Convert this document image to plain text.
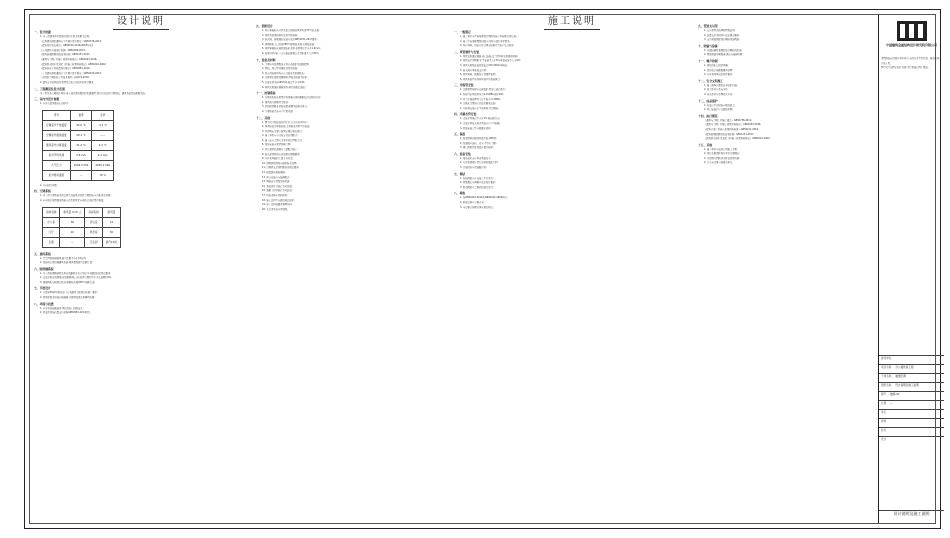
设计说明
一、设计依据
1. 本工程建设单位提供的设计任务书及相关资料;
《民用建筑供暖通风与空气调节设计规范》GB50736-2012;
《建筑设计防火规范》GB50016-2014(2018年版);
《公共建筑节能设计标准》GB50189-2015;
《建筑防烟排烟系统技术标准》GB51251-2017;
《通风与空调工程施工质量验收规范》GB50243-2016;
《建筑给水排水及采暖工程施工质量验收规范》GB50242-2002;
《建筑机电工程抗震设计规范》GB50981-2014;
《工业建筑供暖通风与空气调节设计规范》GB50019-2015;
《多联机空调系统工程技术规程》JGJ174-2010;
2. 建筑专业提供的作业图及其他专业提出的设计要求。
二、工程概况及设计范围
本工程为办公楼改造项目,地上部分建筑面积详见建施图,设计内容包括空调系统、通风系统及防排烟系统。
三、室内外设计参数
1. 室外计算参数(南京地区):
季节	夏季	冬季
空调室外干球温度	35.0 ℃	-4.1 ℃
空调室外湿球温度	28.1 ℃	——
通风室外计算温度	31.2 ℃	2.4 ℃
室外平均风速	2.6 m/s	2.4 m/s
大气压力	1004.3 hPa	1025.2 hPa
室外相对湿度	—	76 %
2. 室内设计参数:
四、空调系统
1. 本工程空调系统采用变制冷剂流量多联机空调系统,室外机设于屋面;
2. 室内机采用四面出风嵌入式及风管式室内机,冷凝水集中排放。
房间名称	新风量 m³/h·人	房间名称	新风量
办公室	30	会议室	14
门厅	10	休息室	30
走廊	—	卫生间	换气10次
五、通风系统
1. 卫生间设机械排风,换气次数不小于10次/h;
2. 设备用房设机械通风系统,排风量按换气次数计算;
六、防排烟系统
1. 本工程防烟楼梯间采用自然通风方式,可开启外窗面积满足规范要求;
2. 走道采用自然排烟,自然排烟窗(口)有效开启面积不小于走道面积2%;
3. 排烟风机与排烟口联动,排烟防火阀280℃熔断关闭;
七、节能设计
1. 多联机IPLV(C)值满足《公共建筑节能设计标准》要求;
2. 风管保温采用离心玻璃棉,冷媒管保温采用橡塑海绵;
八、环保与抗震
1. 室外机设减振装置,风机进出口设软接头;
2. 管道及设备抗震支吊架按GB50981-2014设计。
九、消防设计
1. 所有穿越防火分区及机房隔墙的风管均设70℃防火阀;
2. 风管及保温材料均采用不燃材料;
3. 防火阀、排烟阀的安装应满足GB51251-2017要求;
4. 排烟风机入口处设280℃排烟防火阀,与风机连锁;
5. 风管穿越防火墙处设防护套管,套管厚度不小于1.6mm;
6. 防烟分区内任一点与最近排烟口水平距离不大于30m;
十、设备及材料
1. 空调室外机须配备专用启动保护及故障报警;
2. 风机、风口型号规格详见设备表;
3. 所有设备材料均应有合格证及检测报告;
4. 冷媒管采用脱氧紫铜管,焊接采用氮气保护;
5. 冷凝水管采用UPVC管,坡度不小于0.01;
6. 风管采用镀锌钢板制作,厚度按规范选取;
十一、控制系统
1. 多联机系统采用集中控制器与线控器相结合的控制方式;
2. 排风机与照明开关联动;
3. 消防时切断非消防电源,排烟系统联动开启;
4. 空调系统具备分户计量功能;
十二、其他
1. 图中尺寸除标高以m计外,其余均以mm计;
2. 风管标高为管底标高,水管标高为管中心标高;
3. 本说明未尽事宜按国家现行规范执行;
4. 施工单位应与其他专业密切配合;
5. 施工前应会同有关单位进行图纸会审;
6. 设备安装应预留检修空间;
7. 所有预留孔洞须与土建配合施工;
8. 防火封堵材料应满足耐火极限要求;
9. 室外机基础由土建专业负责;
10. 屋面管线敷设应做好防水处理;
11. 冷媒管支吊架间距满足规范要求;
12. 保温层外做防潮层;
13. 风口安装应与装修配合;
14. 调试前应清洗系统管道;
15. 系统试压合格后方可保温;
16. 隐蔽工程验收后方可封闭;
17. 设备进场应开箱检验;
18. 施工过程中应做好成品保护;
19. 竣工资料按要求整理归档;
20. 其余详见各分项说明。
施工说明
一、一般规定
1. 施工单位应严格按照设计图纸及施工验收规范进行施工;
2. 施工中如发现图纸问题,应及时与设计单位联系;
3. 所有材料、设备应符合国家标准并具备产品合格证;
二、风管制作与安装
1. 风管采用镀锌钢板,咬口连接,法兰间垫料采用阻燃材料;
2. 风管支吊架间距:水平安装不大于3m,垂直安装不大于4m;
3. 风管与风机连接处设长度150-300mm软接;
4. 防火阀应单独设支吊架;
5. 风管穿墙、楼板处应设预埋套管;
6. 风管系统严密性检验按中压系统执行;
三、冷媒管安装
1. 冷媒管焊接时应充氮保护,焊接完成后吹扫;
2. 系统气密性试验压力4.15MPa,保压24h;
3. 真空干燥处理真空度不低于-0.1MPa;
4. 冷媒充注量按产品技术要求追加;
5. 分歧管安装应水平或垂直,不得倾斜;
四、冷凝水管安装
1. 冷凝水管坡度不小于1%,坡向排水点;
2. 冷凝水管接入排水系统应有空气隔断;
3. 管道安装完毕应做通水试验;
五、保温
1. 保温材料的燃烧性能不低于B1级;
2. 保温层应连续、密实,不得有空隙;
3. 阀门及附件处保温应便于拆卸;
六、设备安装
1. 设备就位前应检查基础尺寸;
2. 室外机四周应留有足够的散热空间;
3. 吊装设备应设减振吊架;
七、调试
1. 系统调试应在安装完毕后进行;
2. 风量测定与调整应满足设计要求;
3. 联动调试应会同消防部门进行;
八、验收
1. 按GB50243-2016及GB50242-2002执行;
2. 验收资料应完整齐全;
3. 未尽事宜按现行国家规范执行。
九、管道支吊架
1. 支吊架型式按国标图集选用;
2. 抗震支吊架设置应满足规范要求;
3. 支吊架表面除锈后刷防锈漆两道;
十、防腐与涂漆
1. 非镀锌钢材表面除锈后刷防锈底漆;
2. 明装管道外刷面漆,颜色与装修协调;
十一、噪声控制
1. 风机进出口设消声器;
2. 设备机房墙面做吸声处理;
3. 室外机噪声满足环评要求;
十二、安全文明施工
1. 施工现场应做好安全防护措施;
2. 高空作业应系安全带;
3. 动火作业应办理动火手续;
十三、成品保护
1. 安装完毕的设备应做好遮盖;
2. 风口安装后应包裹保护膜;
十四、执行规范
《通风与空调工程施工规范》GB50738-2011;
《通风与空调工程施工质量验收规范》GB50243-2016;
《建筑节能工程施工质量验收标准》GB50411-2019;
《建筑防烟排烟系统技术标准》GB51251-2017;
《建筑给水排水及采暖工程施工质量验收规范》GB50242-2002;
十五、其他
1. 施工单位应编制专项施工方案;
2. 设计变更须经设计单位书面确认;
3. 本说明与图纸冲突时以说明为准;
4. 其余未尽事宜按规范执行。
中国建筑金属结构设计研究院有限公司
本图纸版权归设计单位所有,未经许可不得复制、修改或用于其他工程。
图中尺寸以图示标注为准,不得直接在图上量取。
建设单位
项目名称 办公楼改造工程
子项名称 暖通空调
图纸名称 设计说明及施工说明
图号 暖施-01
比例 —
审定
审核
校对
设计
设计说明及施工说明
